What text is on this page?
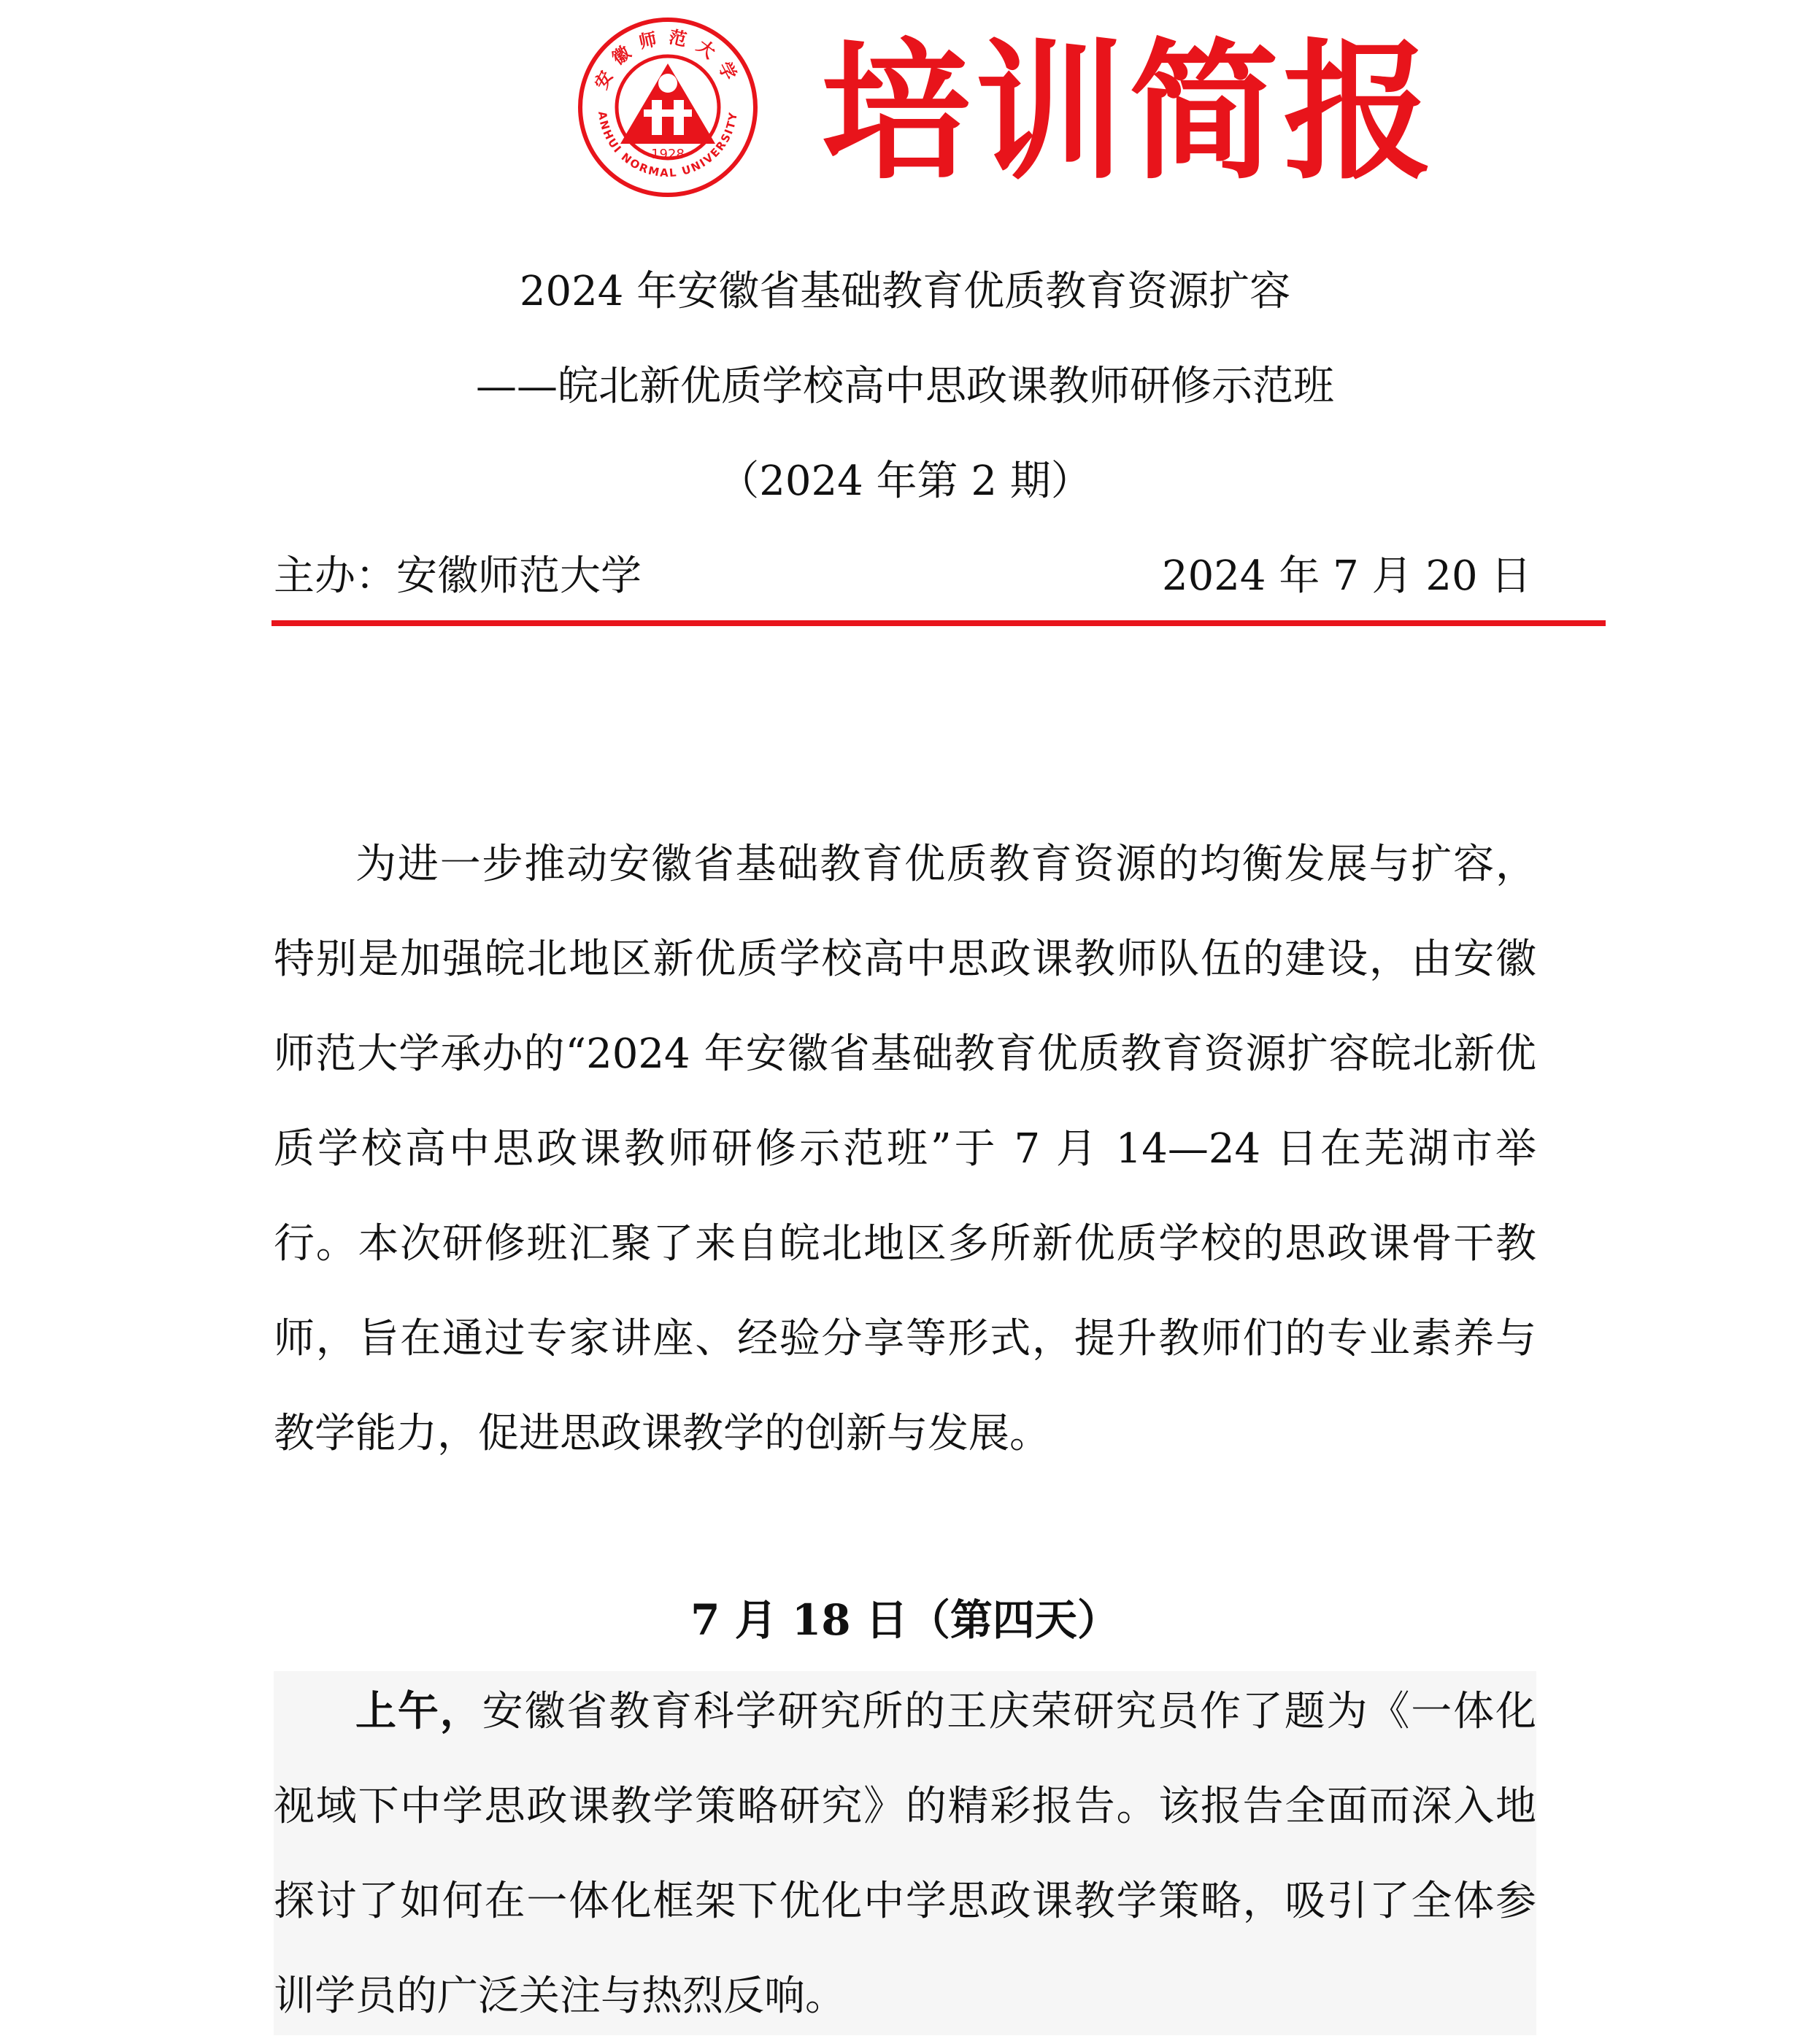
安徽师范大学
ANHUI NORMAL UNIVERSITY
1928 培训简报
2024 年安徽省基础教育优质教育资源扩容
——皖北新优质学校高中思政课教师研修示范班
（2024 年第 2 期）
主办：安徽师范大学	2024 年 7 月 20 日

为进一步推动安徽省基础教育优质教育资源的均衡发展与扩容，特别是加强皖北地区新优质学校高中思政课教师队伍的建设，由安徽师范大学承办的“2024 年安徽省基础教育优质教育资源扩容皖北新优质学校高中思政课教师研修示范班”于 7 月 14—24 日在芜湖市举行。本次研修班汇聚了来自皖北地区多所新优质学校的思政课骨干教师，旨在通过专家讲座、经验分享等形式，提升教师们的专业素养与教学能力，促进思政课教学的创新与发展。

7 月 18 日（第四天）

上午，安徽省教育科学研究所的王庆荣研究员作了题为《一体化视域下中学思政课教学策略研究》的精彩报告。该报告全面而深入地探讨了如何在一体化框架下优化中学思政课教学策略，吸引了全体参训学员的广泛关注与热烈反响。
